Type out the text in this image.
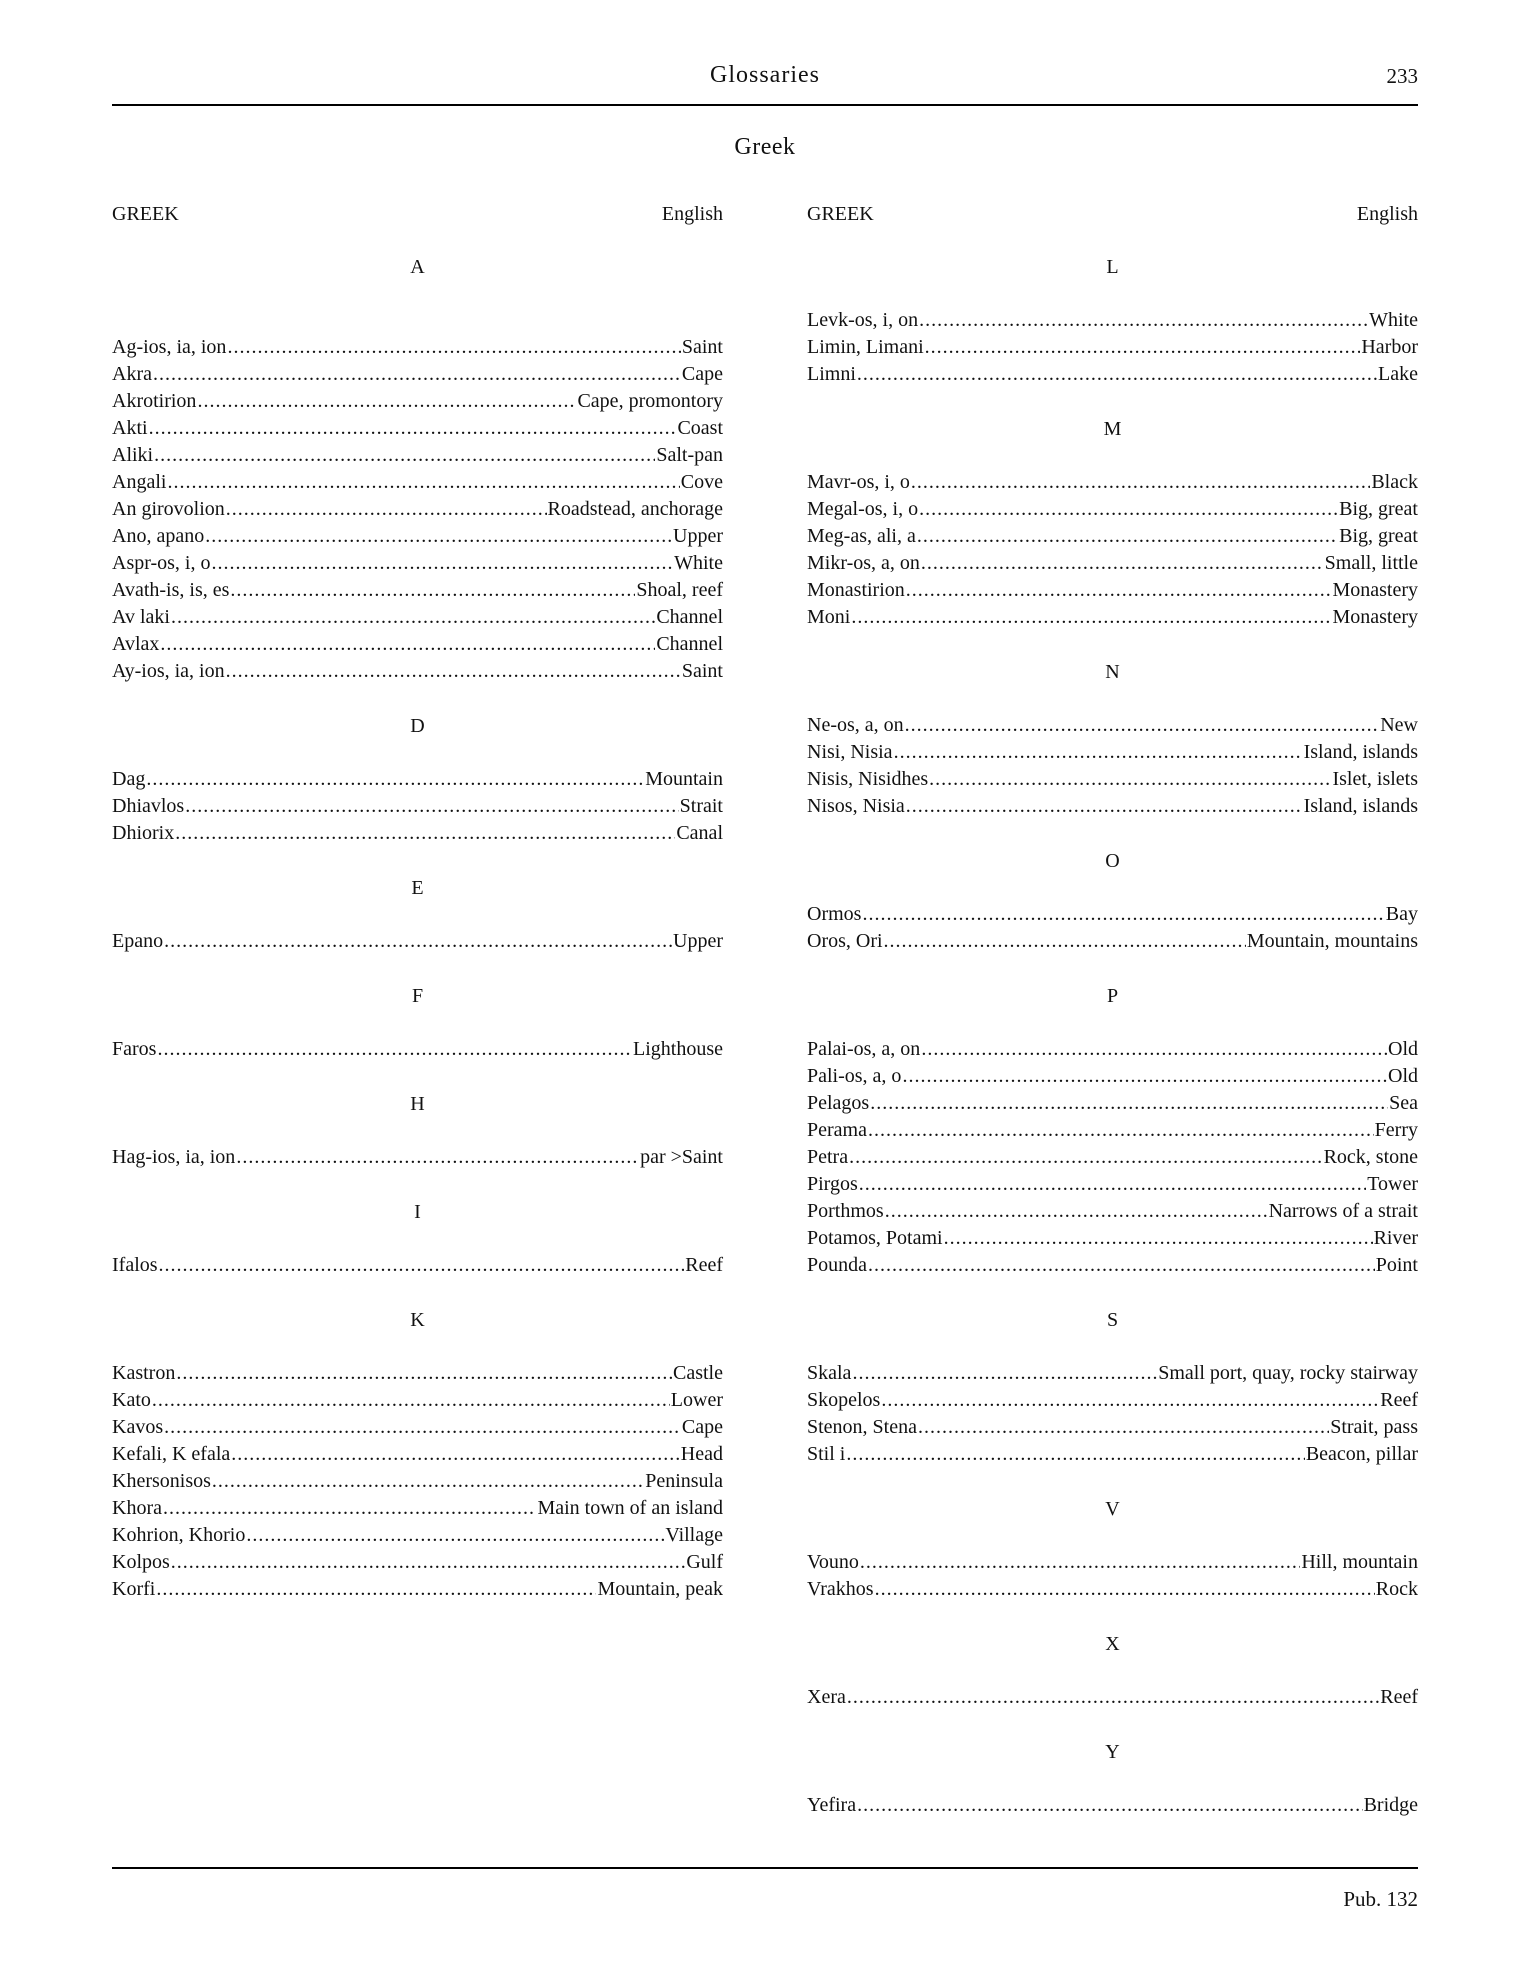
Glossaries	233
Greek
GREEK	English
A
Ag-ios, ia, ion .....	Saint
Akra .....	Cape
Akrotirion .....	Cape, promontory
Akti .....	Coast
Aliki .....	Salt-pan
Angali .....	Cove
An girovolion .....	Roadstead, anchorage
Ano, apano .....	Upper
Aspr-os, i, o .....	White
Avath-is, is, es .....	Shoal, reef
Av laki .....	Channel
Avlax .....	Channel
Ay-ios, ia, ion .....	Saint
D
Dag .....	Mountain
Dhiavlos .....	Strait
Dhiorix .....	Canal
E
Epano .....	Upper
F
Faros .....	Lighthouse
H
Hag-ios, ia, ion .....	par >Saint
I
Ifalos .....	Reef
K
Kastron .....	Castle
Kato .....	Lower
Kavos .....	Cape
Kefali, K efala .....	Head
Khersonisos .....	Peninsula
Khora .....	Main town of an island
Kohrion, Khorio .....	Village
Kolpos .....	Gulf
Korfi .....	Mountain, peak
GREEK	English
L
Levk-os, i, on .....	White
Limin, Limani .....	Harbor
Limni .....	Lake
M
Mavr-os, i, o .....	Black
Megal-os, i, o .....	Big, great
Meg-as, ali, a .....	Big, great
Mikr-os, a, on .....	Small, little
Monastirion .....	Monastery
Moni .....	Monastery
N
Ne-os, a, on .....	New
Nisi, Nisia .....	Island, islands
Nisis, Nisidhes .....	Islet, islets
Nisos, Nisia .....	Island, islands
O
Ormos .....	Bay
Oros, Ori .....	Mountain, mountains
P
Palai-os, a, on .....	Old
Pali-os, a, o .....	Old
Pelagos .....	Sea
Perama .....	Ferry
Petra .....	Rock, stone
Pirgos .....	Tower
Porthmos .....	Narrows of a strait
Potamos, Potami .....	River
Pounda .....	Point
S
Skala .....	Small port, quay, rocky stairway
Skopelos .....	Reef
Stenon, Stena .....	Strait, pass
Stil i .....	Beacon, pillar
V
Vouno .....	Hill, mountain
Vrakhos .....	Rock
X
Xera .....	Reef
Y
Yefira .....	Bridge
Pub. 132
